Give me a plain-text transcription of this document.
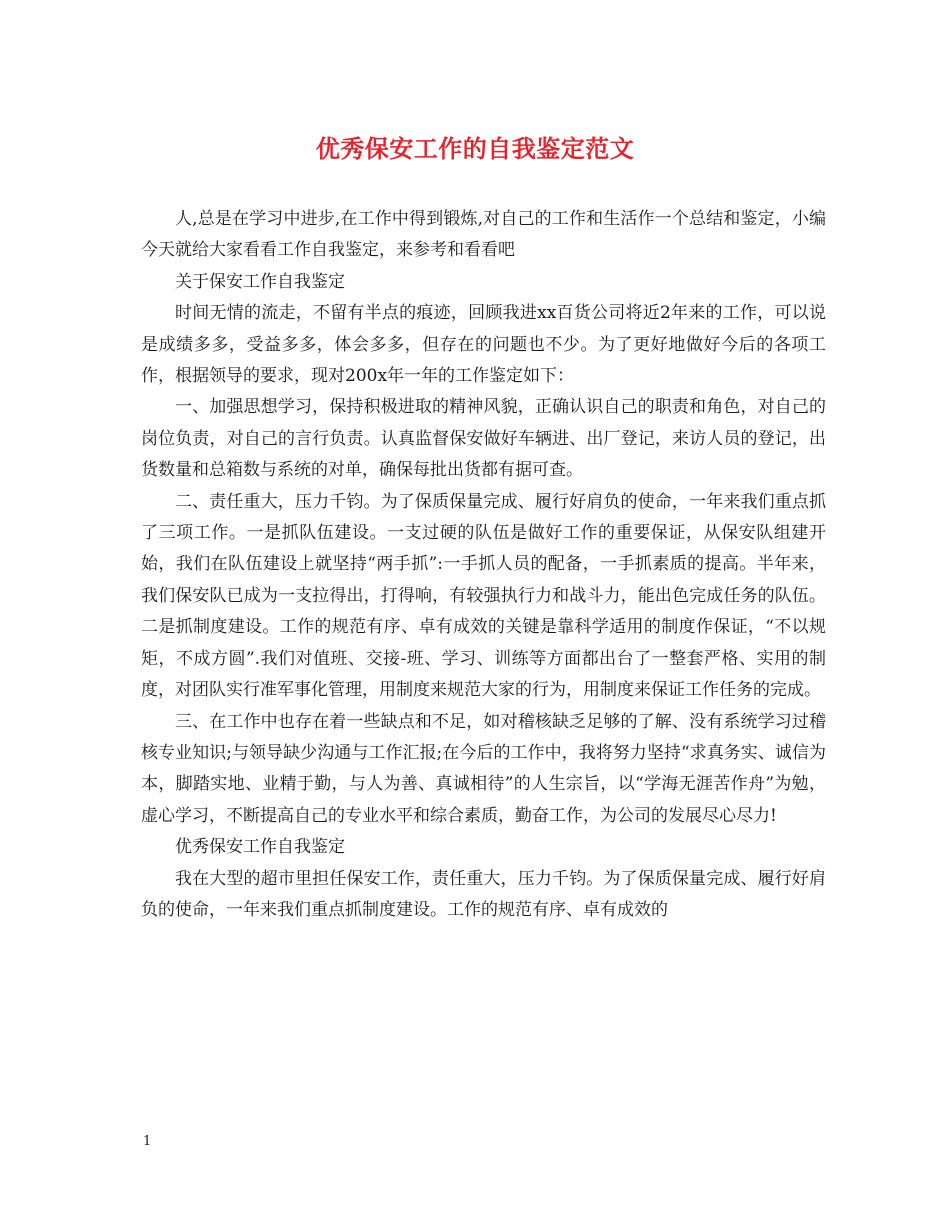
优秀保安工作的自我鉴定范文

人,总是在学习中进步,在工作中得到锻炼,对自己的工作和生活作一个总结和鉴定，小编今天就给大家看看工作自我鉴定，来参考和看看吧

关于保安工作自我鉴定

时间无情的流走，不留有半点的痕迹，回顾我进xx百货公司将近2年来的工作，可以说是成绩多多，受益多多，体会多多，但存在的问题也不少。为了更好地做好今后的各项工作，根据领导的要求，现对200x年一年的工作鉴定如下：

一、加强思想学习，保持积极进取的精神风貌，正确认识自己的职责和角色，对自己的岗位负责，对自己的言行负责。认真监督保安做好车辆进、出厂登记，来访人员的登记，出货数量和总箱数与系统的对单，确保每批出货都有据可查。

二、责任重大，压力千钧。为了保质保量完成、履行好肩负的使命，一年来我们重点抓了三项工作。一是抓队伍建设。一支过硬的队伍是做好工作的重要保证，从保安队组建开始，我们在队伍建设上就坚持“两手抓”:一手抓人员的配备，一手抓素质的提高。半年来，我们保安队已成为一支拉得出，打得响，有较强执行力和战斗力，能出色完成任务的队伍。二是抓制度建设。工作的规范有序、卓有成效的关键是靠科学适用的制度作保证，“不以规矩，不成方圆”.我们对值班、交接-班、学习、训练等方面都出台了一整套严格、实用的制度，对团队实行准军事化管理，用制度来规范大家的行为，用制度来保证工作任务的完成。

三、在工作中也存在着一些缺点和不足，如对稽核缺乏足够的了解、没有系统学习过稽核专业知识;与领导缺少沟通与工作汇报;在今后的工作中，我将努力坚持“求真务实、诚信为本，脚踏实地、业精于勤，与人为善、真诚相待”的人生宗旨，以“学海无涯苦作舟”为勉，虚心学习，不断提高自己的专业水平和综合素质，勤奋工作，为公司的发展尽心尽力!

优秀保安工作自我鉴定

我在大型的超市里担任保安工作，责任重大，压力千钧。为了保质保量完成、履行好肩负的使命，一年来我们重点抓制度建设。工作的规范有序、卓有成效的

1
